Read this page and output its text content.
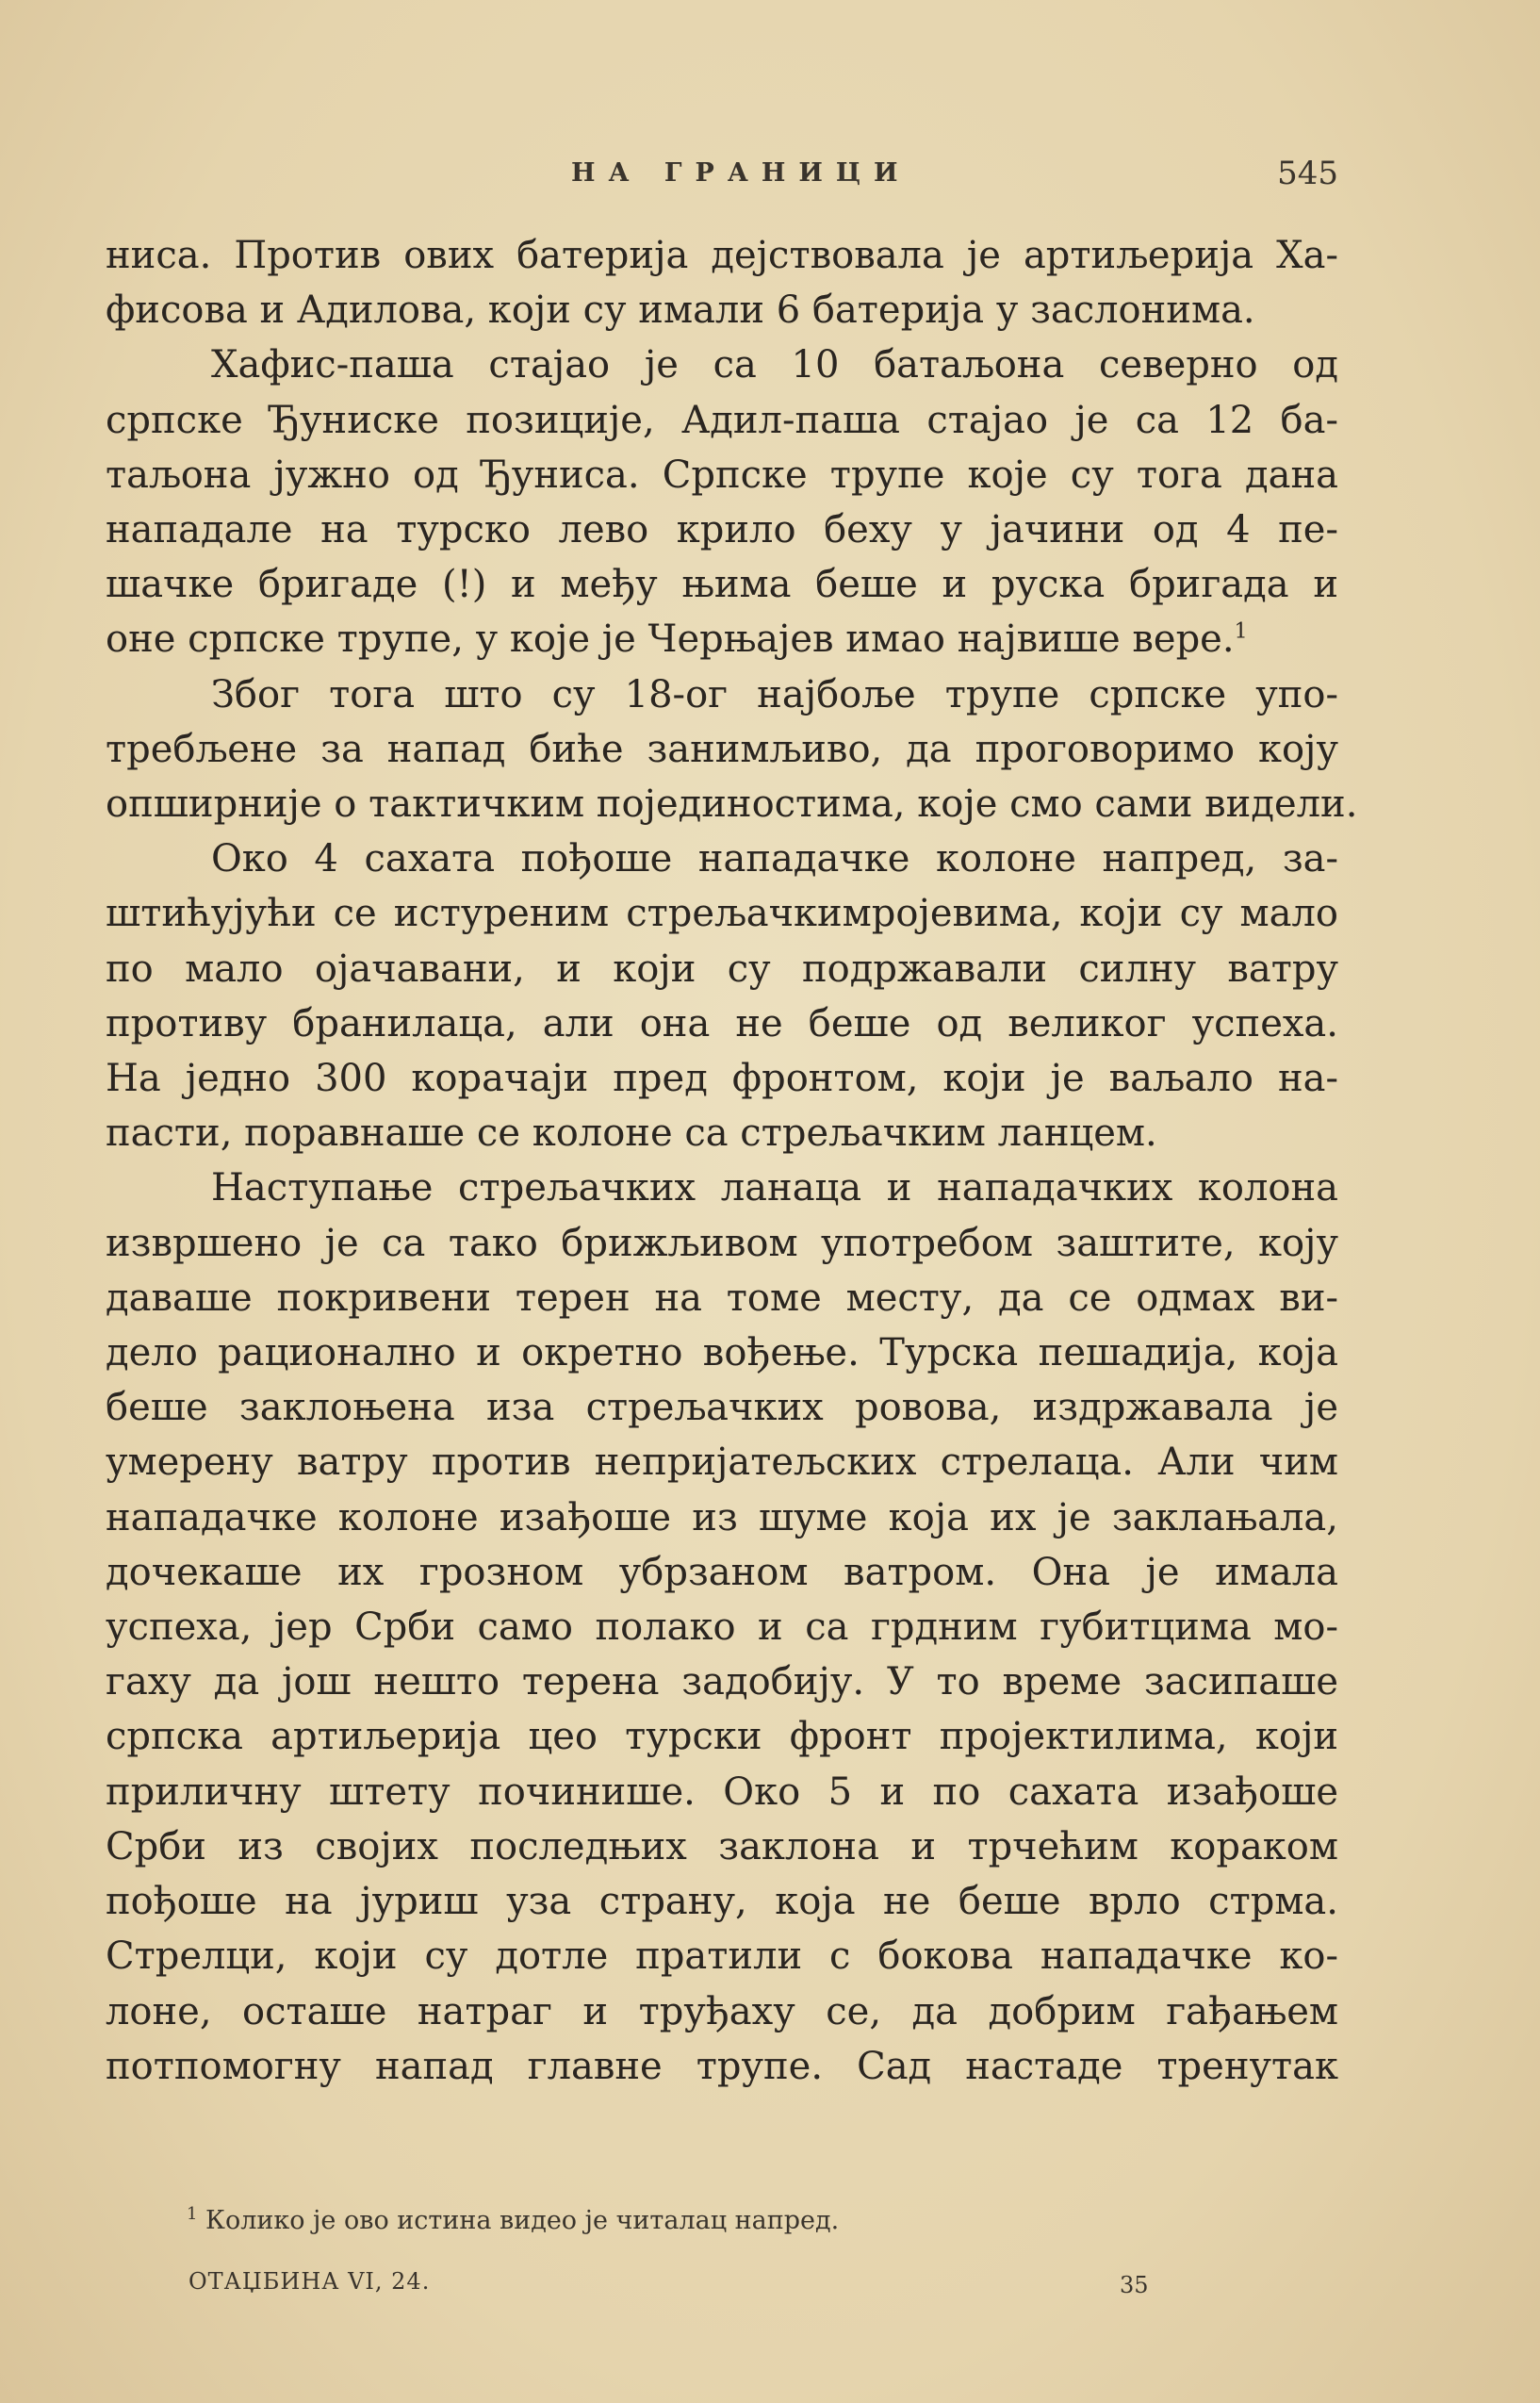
НА ГРАНИЦИ	545
ниса. Против ових батерија дејствовала је артиљерија Ха-
фисова и Адилова, који су имали 6 батерија у заслонима.
Хафис-паша стајао је са 10 батаљона северно од
српске Ђуниске позиције, Адил-паша стајао је са 12 ба-
таљона јужно од Ђуниса. Српске трупе које су тога дана
нападале на турско лево крило беху у јачини од 4 пе-
шачке бригаде (!) и међу њима беше и руска бригада и
оне српске трупе, у које је Черњајев имао највише вере.$^1$
Због тога што су 18-ог најбоље трупе српске упо-
требљене за напад биће занимљиво, да проговоримо коју
опширније о тактичким појединостима, које смо сами видели.
Око 4 сахата пођоше нападачке колоне напред, за-
штићујући се истуреним стрељачкимројевима, који су мало
по мало ојачавани, и који су подржавали силну ватру
противу бранилаца, али она не беше од великог успеха.
На једно 300 корачаји пред фронтом, који је ваљало на-
пасти, поравнаше се колоне са стрељачким ланцем.
Наступање стрељачких ланаца и нападачких колона
извршено је са тако брижљивом употребом заштите, коју
даваше покривени терен на томе месту, да се одмах ви-
дело рационално и окретно вођење. Турска пешадија, која
беше заклоњена иза стрељачких ровова, издржавала је
умерену ватру против непријатељских стрелаца. Али чим
нападачке колоне изађоше из шуме која их је заклањала,
дочекаше их грозном убрзаном ватром. Она је имала
успеха, јер Срби само полако и са грдним губитцима мо-
гаху да још нешто терена задобију. У то време засипаше
српска артиљерија цео турски фронт пројектилима, који
приличну штету починише. Око 5 и по сахата изађоше
Срби из својих последњих заклона и трчећим кораком
пођоше на јуриш уза страну, која не беше врло стрма.
Стрелци, који су дотле пратили с бокова нападачке ко-
лоне, осташе натраг и труђаху се, да добрим гађањем
потпомогну напад главне трупе. Сад настаде тренутак
$^1$ Колико је ово истина видео је читалац напред.
ОТАЏБИНА VI, 24.	35
